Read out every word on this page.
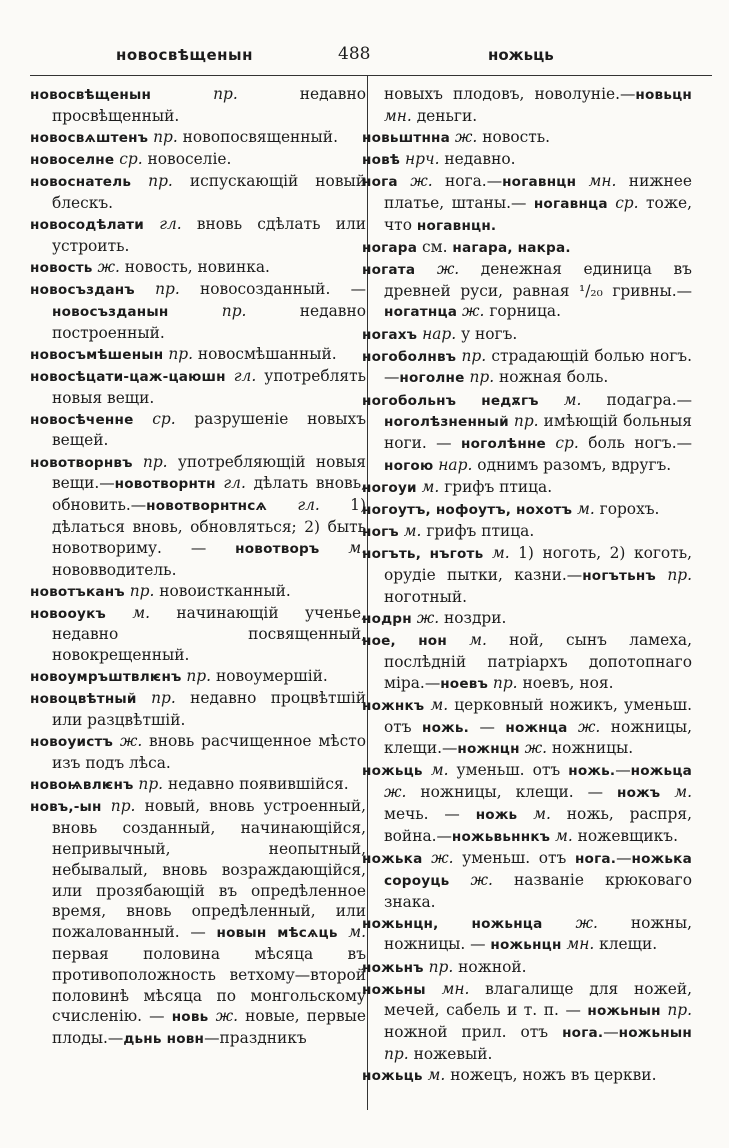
новосвѣщенын	488	ножьць
новосвѣщенын	пр. недавно просвѣщенный.
новосвѧштенъ пр. новопосвященный.
новоселне ср. новоселіе.
новоснатель пр. испускающій новый блескъ.
новосодѣлати гл. вновь сдѣлать или устроить.
новость ж. новость, новинка.
новосъзданъ пр. новосозданный. — новосъзданын	пр. недавно построенный.
новосъмѣшенын пр. новосмѣшанный.
новосѣцати-цаж-цаюшн гл. употреблять новыя вещи.
новосѣченне ср. разрушеніе новыхъ вещей.
новотворнвъ пр. употребляющій новыя вещи.—новотворнтн гл. дѣлать вновь, обновить.—новотворнтнсѧ гл. 1) дѣлаться вновь, обновляться; 2) быть новотвориму. — новотворъ м. нововводитель.
новотъканъ пр. новоистканный.
новооукъ м. начинающій ученье, недавно посвященный, новокрещенный.
новоумръштвлѥнъ пр. новоумершій.
новоцвѣтный пр. недавно процвѣтшій или разцвѣтшій.
новоуистъ ж. вновь расчищенное мѣсто изъ подъ лѣса.
новоѩвлѥнъ пр. недавно появившійся.
новъ,-ын пр. новый, вновь устроенный, вновь созданный, начинающійся, непривычный, неопытный, небывалый, вновь возраждающійся, или прозябающій въ опредѣленное время, вновь опредѣленный, или пожалованный. — новын мѣсѧць м. первая половина мѣсяца въ противоположность ветхому—второй половинѣ мѣсяца по монгольскому счисленію. — новь ж. новые, первые плоды.—дьнь новн—праздникъ
новыхъ плодовъ, новолуніе.—новьцн мн. деньги.
новьштнна ж. новость.
новѣ нрч. недавно.
нога ж. нога.—ногавнцн мн. нижнее платье, штаны.— ногавнца ср. тоже, что ногавнцн.
ногара см. нагара, накра.
ногата ж. денежная единица въ древней руси, равная ¹/₂₀ гривны.—ногатнца ж. горница.
ногахъ нар. у ногъ.
ногоболнвъ пр. страдающій болью ногъ.—ноголне пр. ножная боль.
ногобольнъ недѫгъ м. подагра.—ноголѣзненный пр. имѣющій больныя ноги. — ноголѣнне ср. боль ногъ.— ногою нар. однимъ разомъ, вдругъ.
ногоуи м. грифъ птица.
ногоутъ, нофоутъ, нохотъ м. горохъ.
ногъ м. грифъ птица.
ногъть, нъготь м. 1) ноготь, 2) коготь, орудіе пытки, казни.—ногътьнъ пр. ноготный.
нодрн ж. ноздри.
ное, нон м. ной, сынъ ламеха, послѣдній патріархъ допотопнаго міра.—ноевъ пр. ноевъ, ноя.
ножнкъ м. церковный ножикъ, уменьш. отъ ножь. — ножнца ж. ножницы, клещи.—ножнцн ж. ножницы.
ножьць м. уменьш. отъ ножь.—ножьца ж. ножницы, клещи. — ножъ м. мечь. — ножь м. ножь, распря, война.—ножьвьннкъ м. ножевщикъ.
ножька ж. уменьш. отъ нога.—ножька сороуць ж. названіе крюковаго знака.
ножьнцн, ножьнца ж. ножны, ножницы. — ножьнцн мн. клещи.
ножьнъ пр. ножной.
ножьны мн. влагалище для ножей, мечей, сабель и т. п. — ножьнын пр. ножной прил. отъ нога.—ножьнын пр. ножевый.
ножьць м. ножецъ, ножъ въ церкви.
